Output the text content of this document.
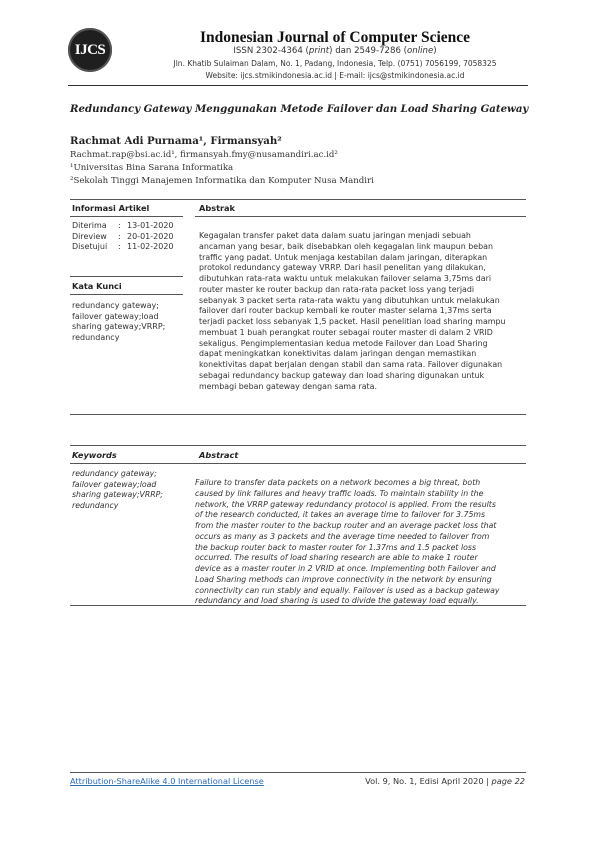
IJCS
Indonesian Journal of Computer Science
ISSN 2302-4364 (print) dan 2549-7286 (online)
Jln. Khatib Sulaiman Dalam, No. 1, Padang, Indonesia, Telp. (0751) 7056199, 7058325
Website: ijcs.stmikindonesia.ac.id | E-mail: ijcs@stmikindonesia.ac.id
Redundancy Gateway Menggunakan Metode Failover dan Load Sharing Gateway
Rachmat Adi Purnama¹, Firmansyah²
Rachmat.rap@bsi.ac.id¹, firmansyah.fmy@nusamandiri.ac.id²
¹Universitas Bina Sarana Informatika
²Sekolah Tinggi Manajemen Informatika dan Komputer Nusa Mandiri
Informasi Artikel	Abstrak
Diterima	:	13-01-2020
Direview	:	20-01-2020
Disetujui	:	11-02-2020
Kata Kunci
redundancy gateway;
failover gateway;load
sharing gateway;VRRP;
redundancy
Kegagalan transfer paket data dalam suatu jaringan menjadi sebuah
ancaman yang besar, baik disebabkan oleh kegagalan link maupun beban
traffic yang padat. Untuk menjaga kestabilan dalam jaringan, diterapkan
protokol redundancy gateway VRRP. Dari hasil penelitan yang dilakukan,
dibutuhkan rata-rata waktu untuk melakukan failover selama 3,75ms dari
router master ke router backup dan rata-rata packet loss yang terjadi
sebanyak 3 packet serta rata-rata waktu yang dibutuhkan untuk melakukan
failover dari router backup kembali ke router master selama 1,37ms serta
terjadi packet loss sebanyak 1,5 packet. Hasil penelitian load sharing mampu
membuat 1 buah perangkat router sebagai router master di dalam 2 VRID
sekaligus. Pengimplementasian kedua metode Failover dan Load Sharing
dapat meningkatkan konektivitas dalam jaringan dengan memastikan
konektivitas dapat berjalan dengan stabil dan sama rata. Failover digunakan
sebagai redundancy backup gateway dan load sharing digunakan untuk
membagi beban gateway dengan sama rata.
Keywords	Abstract
redundancy gateway;
failover gateway;load
sharing gateway;VRRP;
redundancy
Failure to transfer data packets on a network becomes a big threat, both
caused by link failures and heavy traffic loads. To maintain stability in the
network, the VRRP gateway redundancy protocol is applied. From the results
of the research conducted, it takes an average time to failover for 3.75ms
from the master router to the backup router and an average packet loss that
occurs as many as 3 packets and the average time needed to failover from
the backup router back to master router for 1.37ms and 1.5 packet loss
occurred. The results of load sharing research are able to make 1 router
device as a master router in 2 VRID at once. Implementing both Failover and
Load Sharing methods can improve connectivity in the network by ensuring
connectivity can run stably and equally. Failover is used as a backup gateway
redundancy and load sharing is used to divide the gateway load equally.
Attribution-ShareAlike 4.0 International License	Vol. 9, No. 1, Edisi April 2020 | page 22
